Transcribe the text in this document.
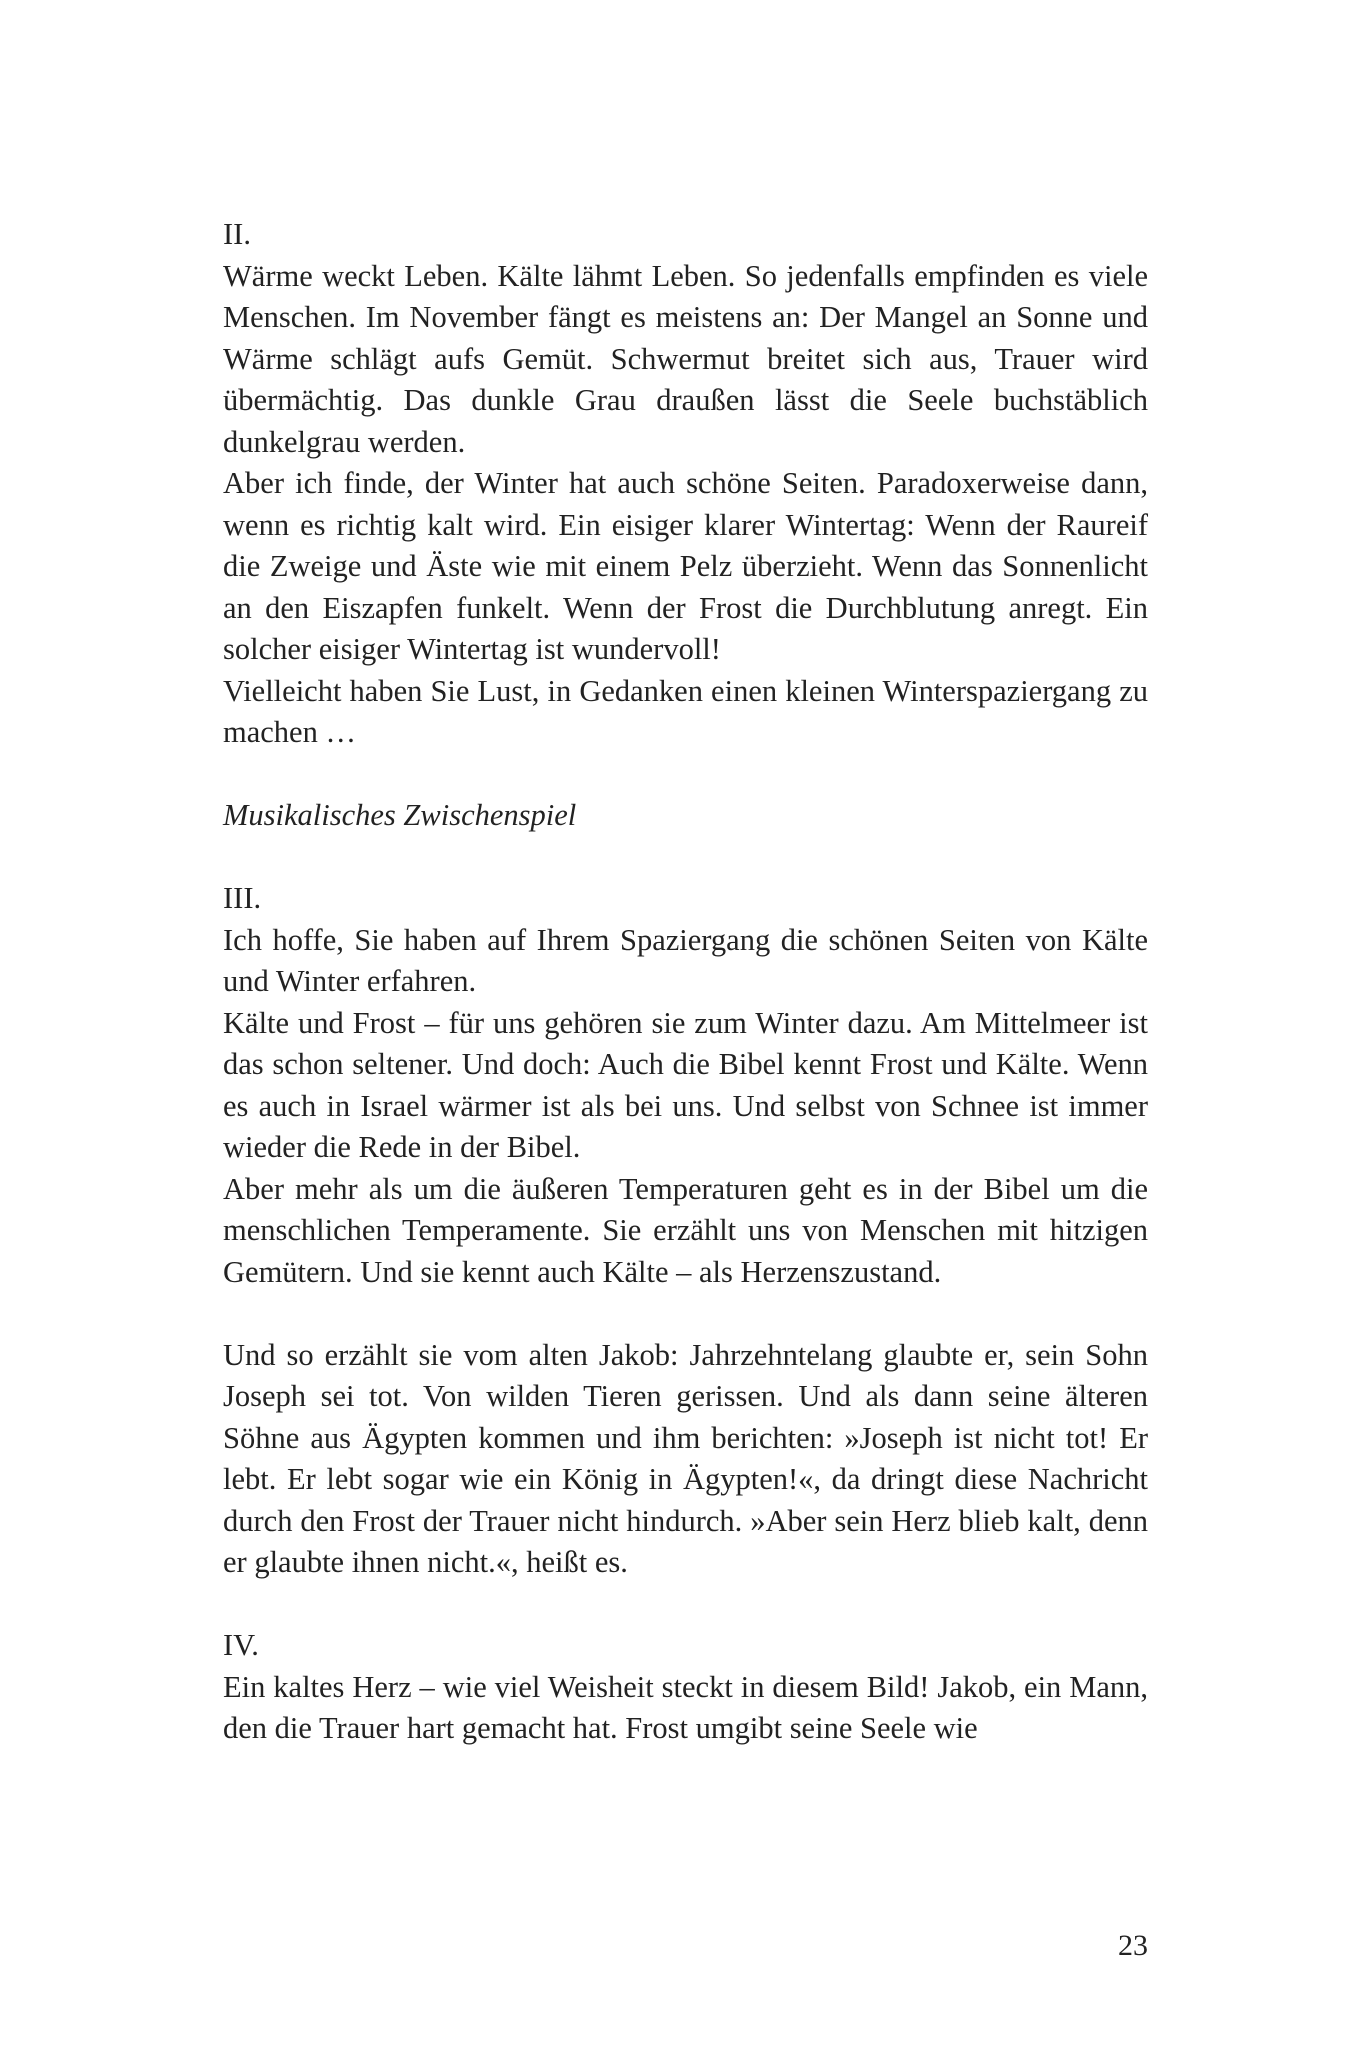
II.

Wärme weckt Leben. Kälte lähmt Leben. So jedenfalls empfinden es viele Menschen. Im November fängt es meistens an: Der Mangel an Sonne und Wärme schlägt aufs Gemüt. Schwermut breitet sich aus, Trauer wird übermächtig. Das dunkle Grau draußen lässt die Seele buchstäblich dunkelgrau werden.

Aber ich finde, der Winter hat auch schöne Seiten. Paradoxerweise dann, wenn es richtig kalt wird. Ein eisiger klarer Wintertag: Wenn der Raureif die Zweige und Äste wie mit einem Pelz überzieht. Wenn das Sonnenlicht an den Eiszapfen funkelt. Wenn der Frost die Durchblutung anregt. Ein solcher eisiger Wintertag ist wundervoll!

Vielleicht haben Sie Lust, in Gedanken einen kleinen Winterspaziergang zu machen …

Musikalisches Zwischenspiel

III.

Ich hoffe, Sie haben auf Ihrem Spaziergang die schönen Seiten von Kälte und Winter erfahren.

Kälte und Frost – für uns gehören sie zum Winter dazu. Am Mittelmeer ist das schon seltener. Und doch: Auch die Bibel kennt Frost und Kälte. Wenn es auch in Israel wärmer ist als bei uns. Und selbst von Schnee ist immer wieder die Rede in der Bibel.

Aber mehr als um die äußeren Temperaturen geht es in der Bibel um die menschlichen Temperamente. Sie erzählt uns von Menschen mit hitzigen Gemütern. Und sie kennt auch Kälte – als Herzenszustand.

Und so erzählt sie vom alten Jakob: Jahrzehntelang glaubte er, sein Sohn Joseph sei tot. Von wilden Tieren gerissen. Und als dann seine älteren Söhne aus Ägypten kommen und ihm berichten: »Joseph ist nicht tot! Er lebt. Er lebt sogar wie ein König in Ägypten!«, da dringt diese Nachricht durch den Frost der Trauer nicht hindurch. »Aber sein Herz blieb kalt, denn er glaubte ihnen nicht.«, heißt es.

IV.

Ein kaltes Herz – wie viel Weisheit steckt in diesem Bild! Jakob, ein Mann, den die Trauer hart gemacht hat. Frost umgibt seine Seele wie

23
